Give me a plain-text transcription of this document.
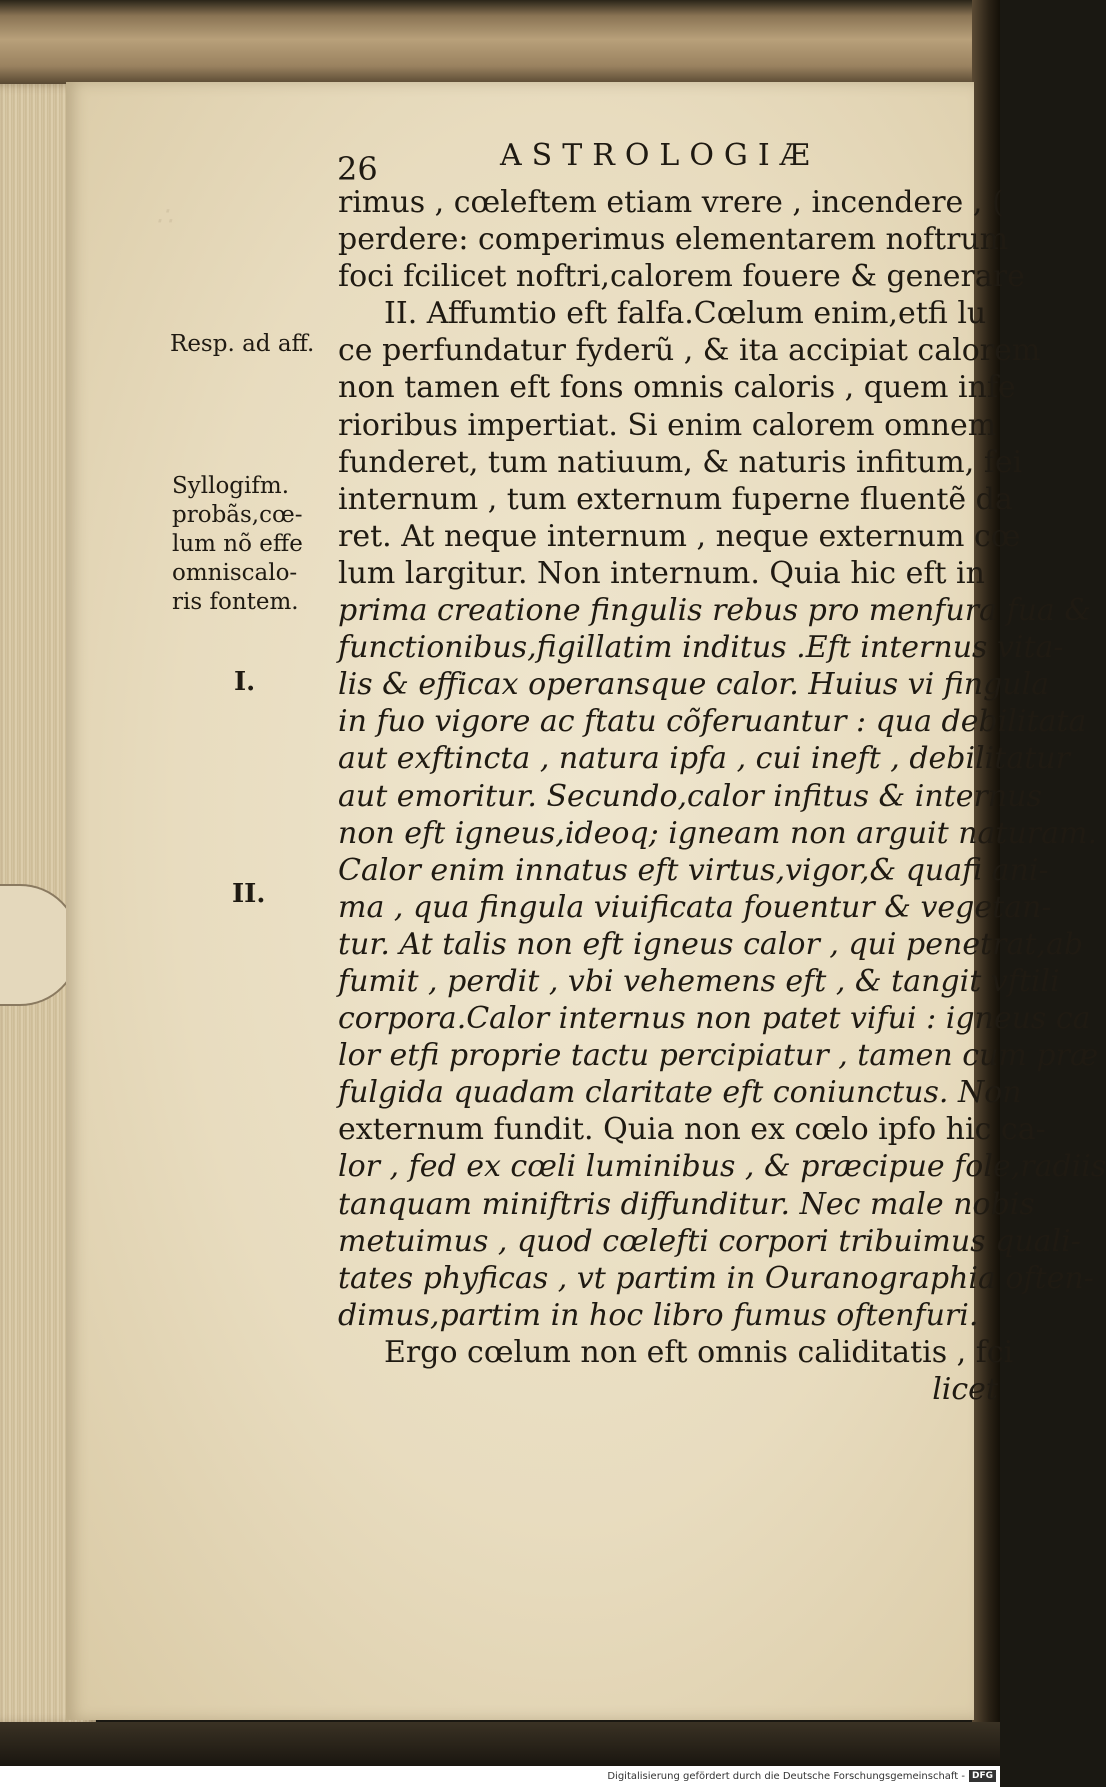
∴
26	ASTROLOGIÆ
Resp. ad aff.
Syllogifm.
probãs,cœ-
lum nõ effe
omniscalo-
ris fontem.
I.
II.
rimus , cœleftem etiam vrere , incendere , (
perdere: comperimus elementarem noftrum
foci fcilicet noftri,calorem fouere & generare
II. Affumtio eft falfa.Cœlum enim,etfi lu
ce perfundatur fyderũ , & ita accipiat calorem
non tamen eft fons omnis caloris , quem infe
rioribus impertiat. Si enim calorem omnem
funderet, tum natiuum, & naturis infitum, fei
internum , tum externum fuperne fluentẽ da
ret. At neque internum , neque externum cœ
lum largitur. Non internum. Quia hic eft in
prima creatione fingulis rebus pro menfura fua &
functionibus,figillatim inditus .Eft internus vita-
lis & efficax operansque calor. Huius vi fingula
in fuo vigore ac ftatu cõferuantur : qua debilitata
aut exftincta , natura ipfa , cui ineft , debilitatur
aut emoritur. Secundo,calor infitus & internus
non eft igneus,ideoq; igneam non arguit naturam.
Calor enim innatus eft virtus,vigor,& quafi ani-
ma , qua fingula viuificata fouentur & vegetan-
tur. At talis non eft igneus calor , qui penetrat,ab
fumit , perdit , vbi vehemens eft , & tangit vftili
corpora.Calor internus non patet vifui : igneus ca
lor etfi proprie tactu percipiatur , tamen cum præ
fulgida quadam claritate eft coniunctus. Non
externum fundit. Quia non ex cœlo ipfo hic ca-
lor , fed ex cœli luminibus , & præcipue fole,radiis
tanquam miniftris diffunditur. Nec male nobis
metuimus , quod cœlefti corpori tribuimus quali-
tates phyficas , vt partim in Ouranographia often-
dimus,partim in hoc libro fumus oftenfuri.
Ergo cœlum non eft omnis caliditatis , fci
licet
Digitalisierung gefördert durch die Deutsche Forschungsgemeinschaft - DFG
